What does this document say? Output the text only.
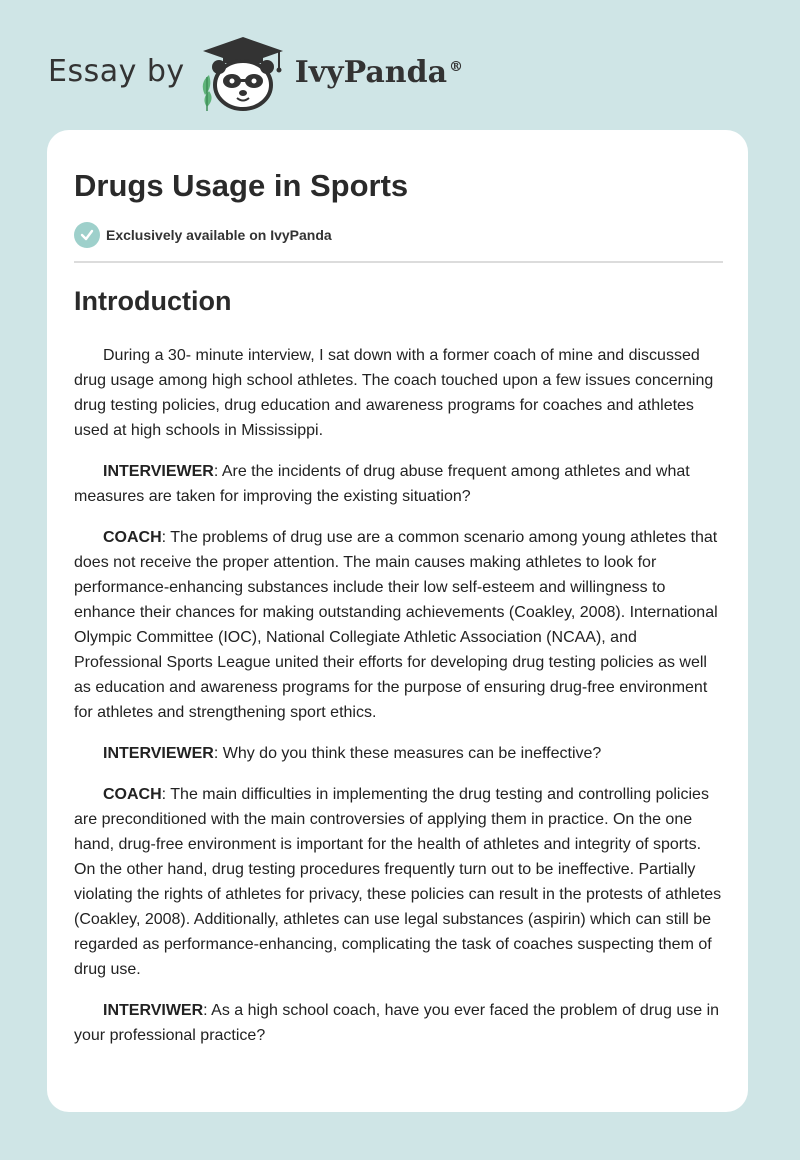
Essay by	IvyPanda ®
Drugs Usage in Sports
Exclusively available on IvyPanda
Introduction

During a 30- minute interview, I sat down with a former coach of mine and discussed drug usage among high school athletes. The coach touched upon a few issues concerning drug testing policies, drug education and awareness programs for coaches and athletes used at high schools in Mississippi.

INTERVIEWER: Are the incidents of drug abuse frequent among athletes and what measures are taken for improving the existing situation?

COACH: The problems of drug use are a common scenario among young athletes that does not receive the proper attention. The main causes making athletes to look for performance-enhancing substances include their low self-esteem and willingness to enhance their chances for making outstanding achievements (Coakley, 2008). International Olympic Committee (IOC), National Collegiate Athletic Association (NCAA), and Professional Sports League united their efforts for developing drug testing policies as well as education and awareness programs for the purpose of ensuring drug-free environment for athletes and strengthening sport ethics.

INTERVIEWER: Why do you think these measures can be ineffective?

COACH: The main difficulties in implementing the drug testing and controlling policies are preconditioned with the main controversies of applying them in practice. On the one hand, drug-free environment is important for the health of athletes and integrity of sports. On the other hand, drug testing procedures frequently turn out to be ineffective. Partially violating the rights of athletes for privacy, these policies can result in the protests of athletes (Coakley, 2008). Additionally, athletes can use legal substances (aspirin) which can still be regarded as performance-enhancing, complicating the task of coaches suspecting them of drug use.

INTERVIWER: As a high school coach, have you ever faced the problem of drug use in your professional practice?
